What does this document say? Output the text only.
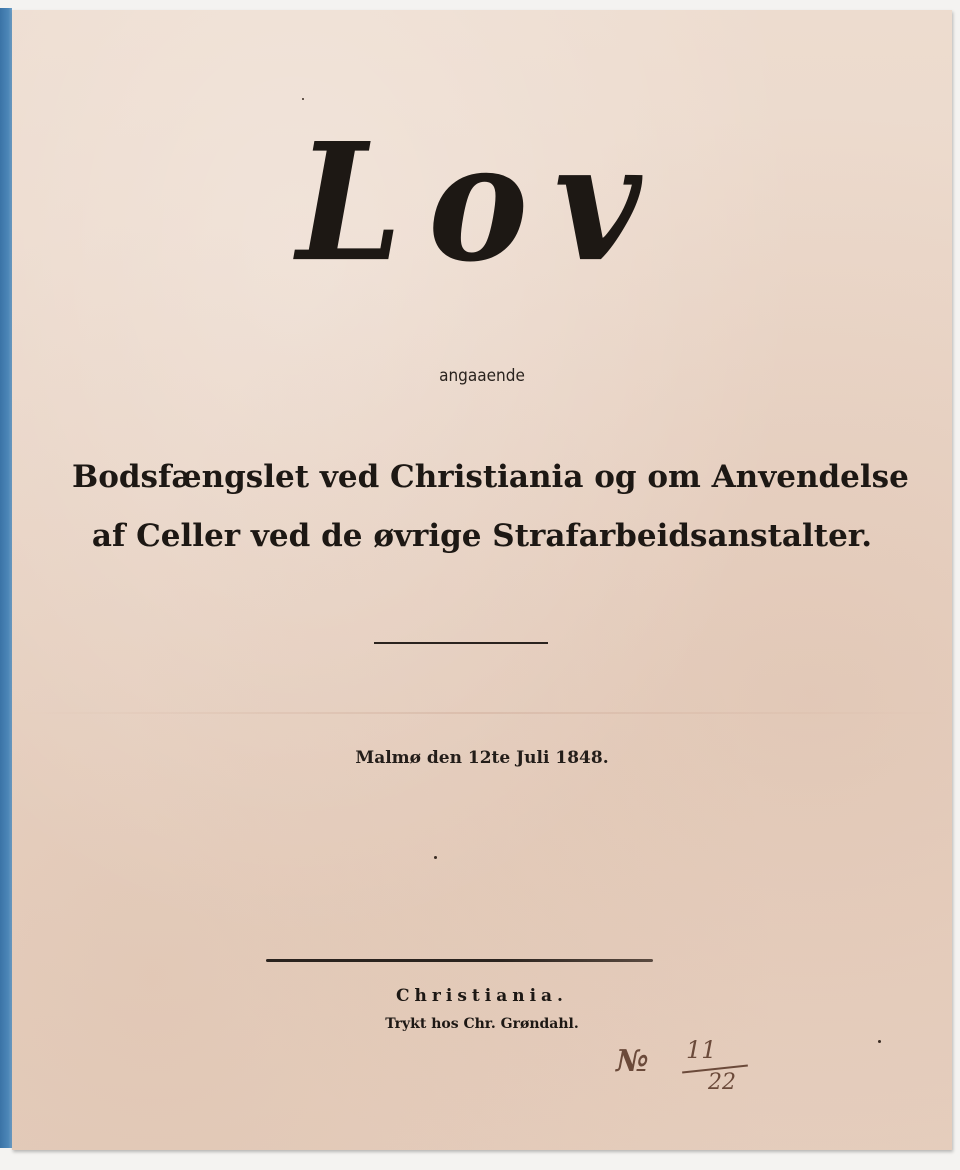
Lov
angaaende
Bodsfængslet ved Christiania og om Anvendelse
af Celler ved de øvrige Strafarbeidsanstalter.
Malmø den 12te Juli 1848.
Christiania.
Trykt hos Chr. Grøndahl.
№ 11
22
